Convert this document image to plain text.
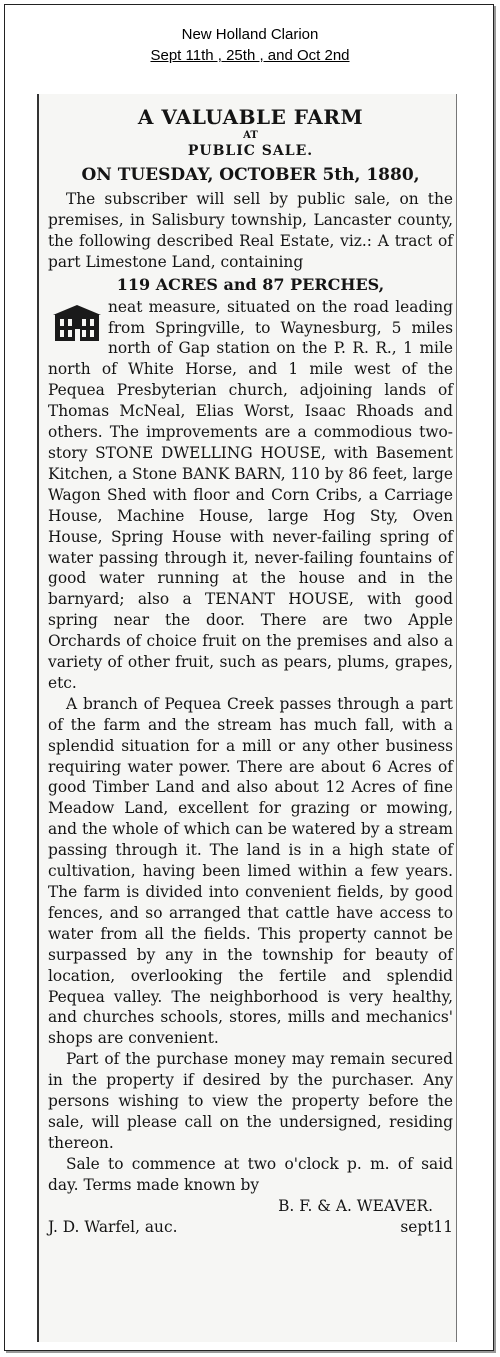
New Holland Clarion
Sept 11th , 25th , and Oct 2nd

A VALUABLE FARM

AT

PUBLIC SALE.

ON TUESDAY, OCTOBER 5th, 1880,

The subscriber will sell by public sale, on the premises, in Salisbury township, Lancaster county, the following described Real Estate, viz.: A tract of part Limestone Land, containing

119 ACRES and 87 PERCHES,

neat measure, situated on the road leading from Springville, to Waynesburg, 5 miles north of Gap station on the P. R. R., 1 mile north of White Horse, and 1 mile west of the Pequea Presbyterian church, adjoining lands of Thomas McNeal, Elias Worst, Isaac Rhoads and others. The improvements are a commodious two-story STONE DWELLING HOUSE, with Basement Kitchen, a Stone BANK BARN, 110 by 86 feet, large Wagon Shed with floor and Corn Cribs, a Carriage House, Machine House, large Hog Sty, Oven House, Spring House with never-failing spring of water passing through it, never-failing fountains of good water running at the house and in the barnyard; also a TENANT HOUSE, with good spring near the door. There are two Apple Orchards of choice fruit on the premises and also a variety of other fruit, such as pears, plums, grapes, etc.

A branch of Pequea Creek passes through a part of the farm and the stream has much fall, with a splendid situation for a mill or any other business requiring water power. There are about 6 Acres of good Timber Land and also about 12 Acres of fine Meadow Land, excellent for grazing or mowing, and the whole of which can be watered by a stream passing through it. The land is in a high state of cultivation, having been limed within a few years. The farm is divided into convenient fields, by good fences, and so arranged that cattle have access to water from all the fields. This property cannot be surpassed by any in the township for beauty of location, overlooking the fertile and splendid Pequea valley. The neighborhood is very healthy, and churches schools, stores, mills and mechanics' shops are convenient.

Part of the purchase money may remain secured in the property if desired by the purchaser. Any persons wishing to view the property before the sale, will please call on the undersigned, residing thereon.

Sale to commence at two o'clock p. m. of said day. Terms made known by

B. F. & A. WEAVER.

J. D. Warfel, auc.	sept11
